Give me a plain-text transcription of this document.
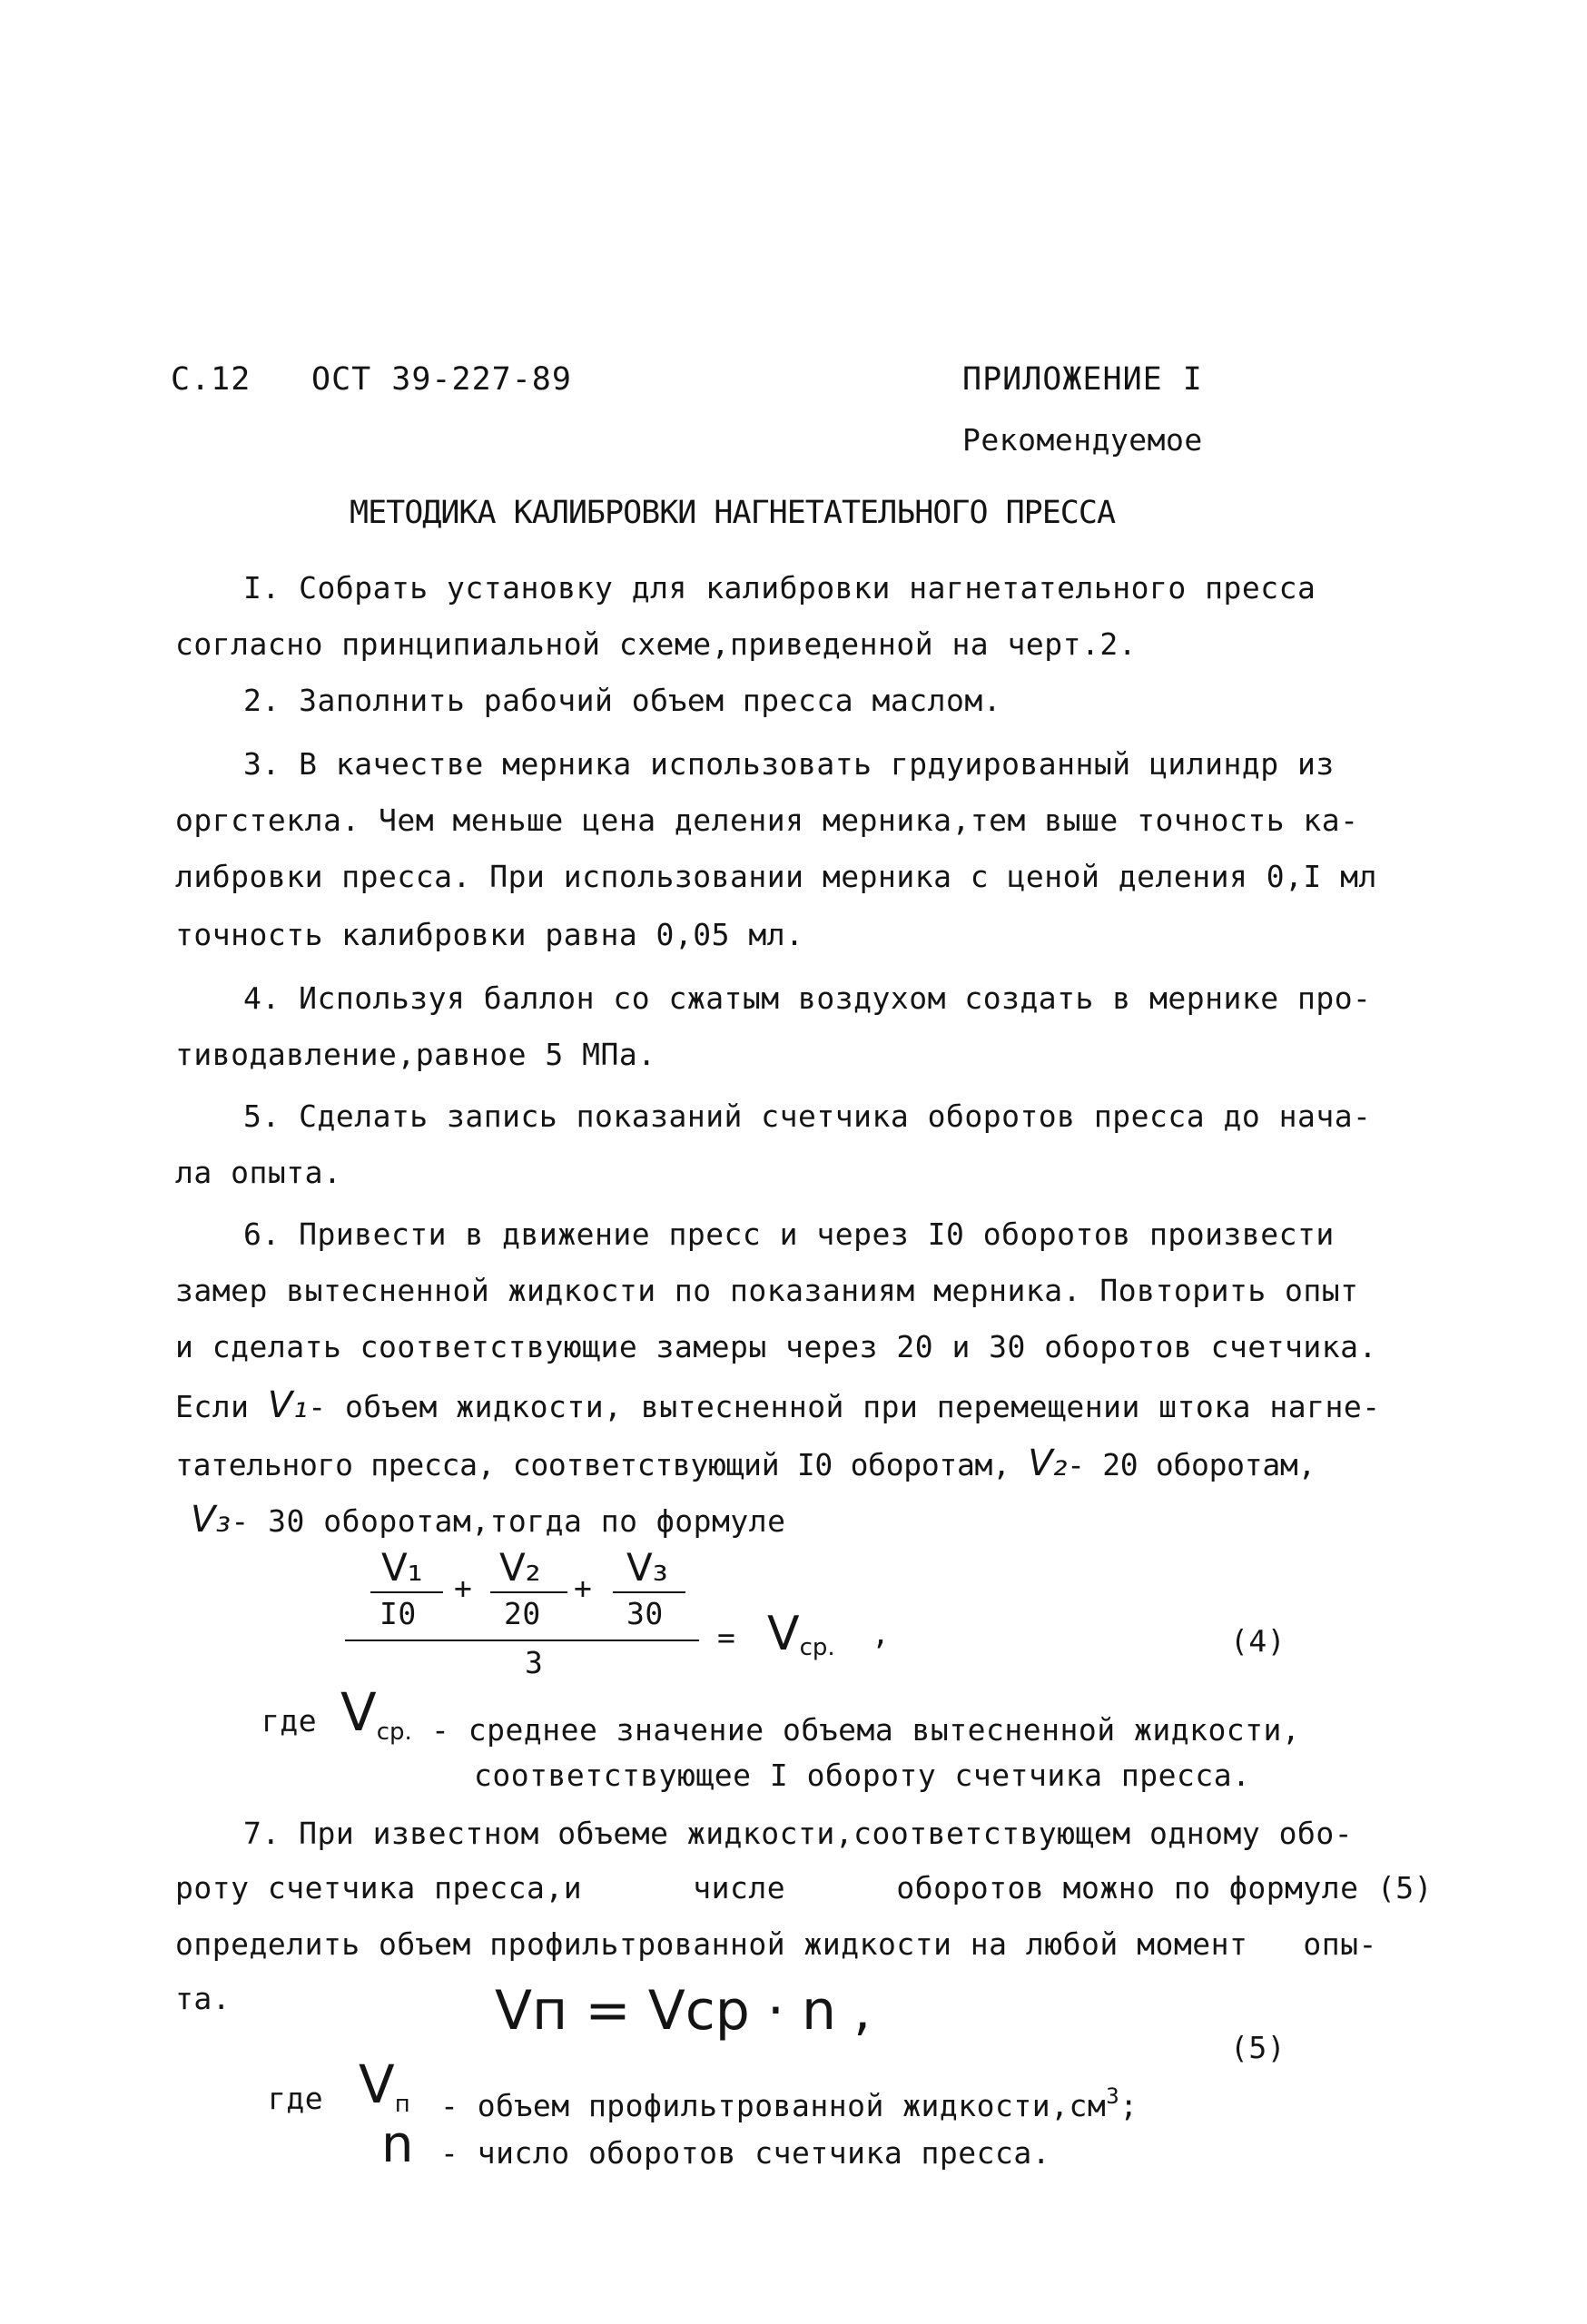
C.12 ОСТ 39-227-89	ПРИЛОЖЕНИЕ I
Рекомендуемое
МЕТОДИКА КАЛИБРОВКИ НАГНЕТАТЕЛЬНОГО ПРЕССА
I. Собрать установку для калибровки нагнетательного пресса
согласно принципиальной схеме,приведенной на черт.2.
2. Заполнить рабочий объем пресса маслом.
3. В качестве мерника использовать грдуированный цилиндр из
оргстекла. Чем меньше цена деления мерника,тем выше точность ка-
либровки пресса. При использовании мерника с ценой деления 0,I мл
точность калибровки равна 0,05 мл.
4. Используя баллон со сжатым воздухом создать в мернике про-
тиводавление,равное 5 МПа.
5. Сделать запись показаний счетчика оборотов пресса до нача-
ла опыта.
6. Привести в движение пресс и через I0 оборотов произвести
замер вытесненной жидкости по показаниям мерника. Повторить опыт
и сделать соответствующие замеры через 20 и 30 оборотов счетчика.
Если V₁- объем жидкости, вытесненной при перемещении штока нагне-
тательного пресса, соответствующий I0 оборотам, V₂- 20 оборотам,
V₃- 30 оборотам,тогда по формуле
V₁
I0
+ V₂
20
+ V₃
30
3
= Vср. ,	(4)
где Vср. - среднее значение объема вытесненной жидкости,
соответствующее I обороту счетчика пресса.
7. При известном объеме жидкости,соответствующем одному обо-
роту счетчика пресса,и      числе      оборотов можно по формуле (5)
определить объем профильтрованной жидкости на любой момент   опы-
та.	Vп = Vср · n ,
(5)
где Vп - объем профильтрованной $жидкости,см^3$;
n - число оборотов счетчика пресса.
